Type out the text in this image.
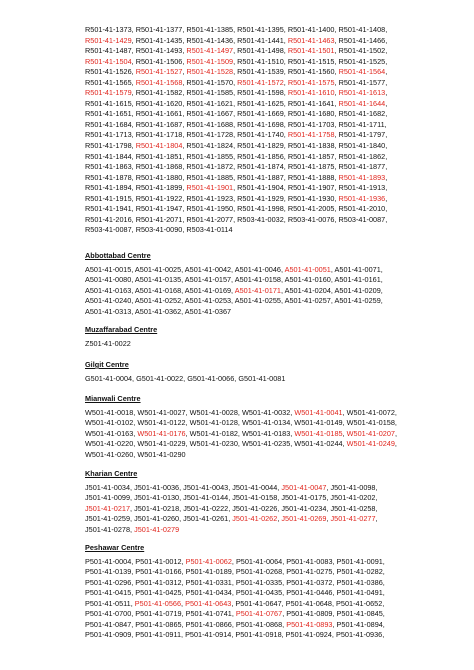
R501-41-1373, R501-41-1377, R501-41-1385, R501-41-1395, R501-41-1400, R501-41-1408,
R501-41-1429, R501-41-1435, R501-41-1436, R501-41-1441, R501-41-1463, R501-41-1466,
R501-41-1487, R501-41-1493, R501-41-1497, R501-41-1498, R501-41-1501, R501-41-1502,
R501-41-1504, R501-41-1506, R501-41-1509, R501-41-1510, R501-41-1515, R501-41-1525,
R501-41-1526, R501-41-1527, R501-41-1528, R501-41-1539, R501-41-1560, R501-41-1564,
R501-41-1565, R501-41-1568, R501-41-1570, R501-41-1572, R501-41-1575, R501-41-1577,
R501-41-1579, R501-41-1582, R501-41-1585, R501-41-1598, R501-41-1610, R501-41-1613,
R501-41-1615, R501-41-1620, R501-41-1621, R501-41-1625, R501-41-1641, R501-41-1644,
R501-41-1651, R501-41-1661, R501-41-1667, R501-41-1669, R501-41-1680, R501-41-1682,
R501-41-1684, R501-41-1687, R501-41-1688, R501-41-1698, R501-41-1703, R501-41-1711,
R501-41-1713, R501-41-1718, R501-41-1728, R501-41-1740, R501-41-1758, R501-41-1797,
R501-41-1798, R501-41-1804, R501-41-1824, R501-41-1829, R501-41-1838, R501-41-1840,
R501-41-1844, R501-41-1851, R501-41-1855, R501-41-1856, R501-41-1857, R501-41-1862,
R501-41-1863, R501-41-1868, R501-41-1872, R501-41-1874, R501-41-1875, R501-41-1877,
R501-41-1878, R501-41-1880, R501-41-1885, R501-41-1887, R501-41-1888, R501-41-1893,
R501-41-1894, R501-41-1899, R501-41-1901, R501-41-1904, R501-41-1907, R501-41-1913,
R501-41-1915, R501-41-1922, R501-41-1923, R501-41-1929, R501-41-1930, R501-41-1936,
R501-41-1941, R501-41-1947, R501-41-1950, R501-41-1998, R501-41-2005, R501-41-2010,
R501-41-2016, R501-41-2071, R501-41-2077, R503-41-0032, R503-41-0076, R503-41-0087,
R503-41-0087, R503-41-0090, R503-41-0114
Abbottabad Centre
A501-41-0015, A501-41-0025, A501-41-0042, A501-41-0046, A501-41-0051, A501-41-0071,
A501-41-0080, A501-41-0135, A501-41-0157, A501-41-0158, A501-41-0160, A501-41-0161,
A501-41-0163, A501-41-0168, A501-41-0169, A501-41-0171, A501-41-0204, A501-41-0209,
A501-41-0240, A501-41-0252, A501-41-0253, A501-41-0255, A501-41-0257, A501-41-0259,
A501-41-0313, A501-41-0362, A501-41-0367
Muzaffarabad Centre
Z501-41-0022
Gilgit Centre
G501-41-0004, G501-41-0022, G501-41-0066, G501-41-0081
Mianwali Centre
W501-41-0018, W501-41-0027, W501-41-0028, W501-41-0032, W501-41-0041, W501-41-0072,
W501-41-0102, W501-41-0122, W501-41-0128, W501-41-0134, W501-41-0149, W501-41-0158,
W501-41-0163, W501-41-0176, W501-41-0182, W501-41-0183, W501-41-0185, W501-41-0207,
W501-41-0220, W501-41-0229, W501-41-0230, W501-41-0235, W501-41-0244, W501-41-0249,
W501-41-0260, W501-41-0290
Kharian Centre
J501-41-0034, J501-41-0036, J501-41-0043, J501-41-0044, J501-41-0047, J501-41-0098,
J501-41-0099, J501-41-0130, J501-41-0144, J501-41-0158, J501-41-0175, J501-41-0202,
J501-41-0217, J501-41-0218, J501-41-0222, J501-41-0226, J501-41-0234, J501-41-0258,
J501-41-0259, J501-41-0260, J501-41-0261, J501-41-0262, J501-41-0269, J501-41-0277,
J501-41-0278, J501-41-0279
Peshawar Centre
P501-41-0004, P501-41-0012, P501-41-0062, P501-41-0064, P501-41-0083, P501-41-0091,
P501-41-0139, P501-41-0166, P501-41-0189, P501-41-0268, P501-41-0275, P501-41-0282,
P501-41-0296, P501-41-0312, P501-41-0331, P501-41-0335, P501-41-0372, P501-41-0386,
P501-41-0415, P501-41-0425, P501-41-0434, P501-41-0435, P501-41-0446, P501-41-0491,
P501-41-0511, P501-41-0566, P501-41-0643, P501-41-0647, P501-41-0648, P501-41-0652,
P501-41-0700, P501-41-0719, P501-41-0741, P501-41-0767, P501-41-0809, P501-41-0845,
P501-41-0847, P501-41-0865, P501-41-0866, P501-41-0868, P501-41-0893, P501-41-0894,
P501-41-0909, P501-41-0911, P501-41-0914, P501-41-0918, P501-41-0924, P501-41-0936,
